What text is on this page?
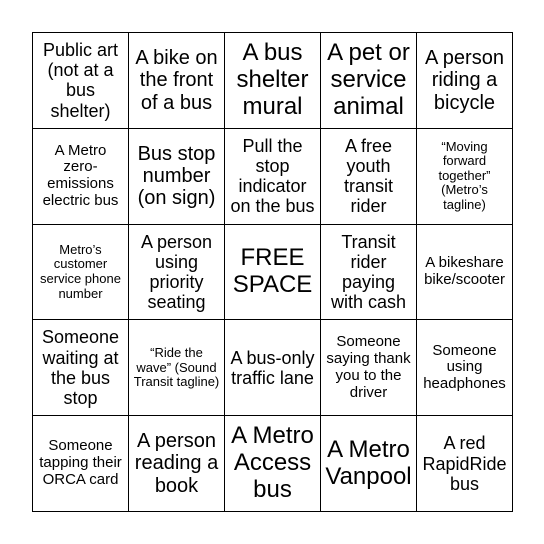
Public art (not at a bus shelter)
A bike on the front of a bus
A bus shelter mural
A pet or service animal
A person riding a bicycle
A Metro zero-emissions electric bus
Bus stop number (on sign)
Pull the stop indicator on the bus
A free youth transit rider
“Moving forward together” (Metro’s tagline)
Metro’s customer service phone number
A person using priority seating
FREE SPACE
Transit rider paying with cash
A bikeshare bike/scooter
Someone waiting at the bus stop
“Ride the wave” (Sound Transit tagline)
A bus-only traffic lane
Someone saying thank you to the driver
Someone using headphones
Someone tapping their ORCA card
A person reading a book
A Metro Access bus
A Metro Vanpool
A red RapidRide bus
